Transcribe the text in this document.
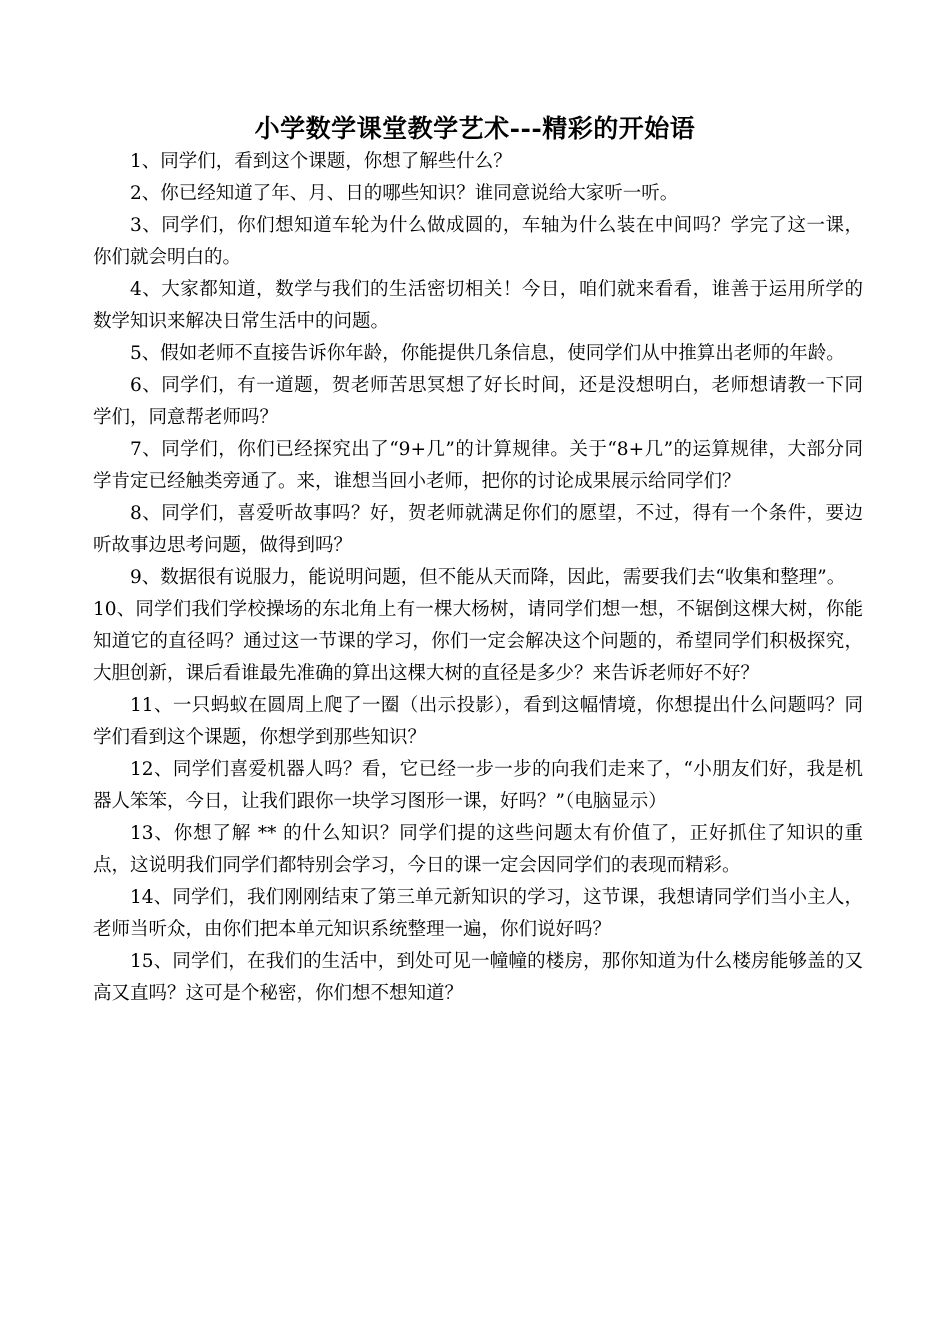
小学数学课堂教学艺术---精彩的开始语

1、同学们，看到这个课题，你想了解些什么？

2、你已经知道了年、月、日的哪些知识？谁同意说给大家听一听。

3、同学们，你们想知道车轮为什么做成圆的，车轴为什么装在中间吗？学完了这一课，你们就会明白的。

4、大家都知道，数学与我们的生活密切相关！今日，咱们就来看看，谁善于运用所学的数学知识来解决日常生活中的问题。

5、假如老师不直接告诉你年龄，你能提供几条信息，使同学们从中推算出老师的年龄。

6、同学们，有一道题，贺老师苦思冥想了好长时间，还是没想明白，老师想请教一下同学们，同意帮老师吗？

7、同学们，你们已经探究出了“9+几”的计算规律。关于“8+几”的运算规律，大部分同学肯定已经触类旁通了。来，谁想当回小老师，把你的讨论成果展示给同学们？

8、同学们，喜爱听故事吗？好，贺老师就满足你们的愿望，不过，得有一个条件，要边听故事边思考问题，做得到吗？

9、数据很有说服力，能说明问题，但不能从天而降，因此，需要我们去“收集和整理”。

10、同学们我们学校操场的东北角上有一棵大杨树，请同学们想一想，不锯倒这棵大树，你能知道它的直径吗？通过这一节课的学习，你们一定会解决这个问题的，希望同学们积极探究，大胆创新，课后看谁最先准确的算出这棵大树的直径是多少？来告诉老师好不好？

11、一只蚂蚁在圆周上爬了一圈（出示投影），看到这幅情境，你想提出什么问题吗？同学们看到这个课题，你想学到那些知识？

12、同学们喜爱机器人吗？看，它已经一步一步的向我们走来了，“小朋友们好，我是机器人笨笨，今日，让我们跟你一块学习图形一课，好吗？”（电脑显示）

13、你想了解 ** 的什么知识？同学们提的这些问题太有价值了，正好抓住了知识的重点，这说明我们同学们都特别会学习，今日的课一定会因同学们的表现而精彩。

14、同学们，我们刚刚结束了第三单元新知识的学习，这节课，我想请同学们当小主人，老师当听众，由你们把本单元知识系统整理一遍，你们说好吗？

15、同学们，在我们的生活中，到处可见一幢幢的楼房，那你知道为什么楼房能够盖的又高又直吗？这可是个秘密，你们想不想知道？
